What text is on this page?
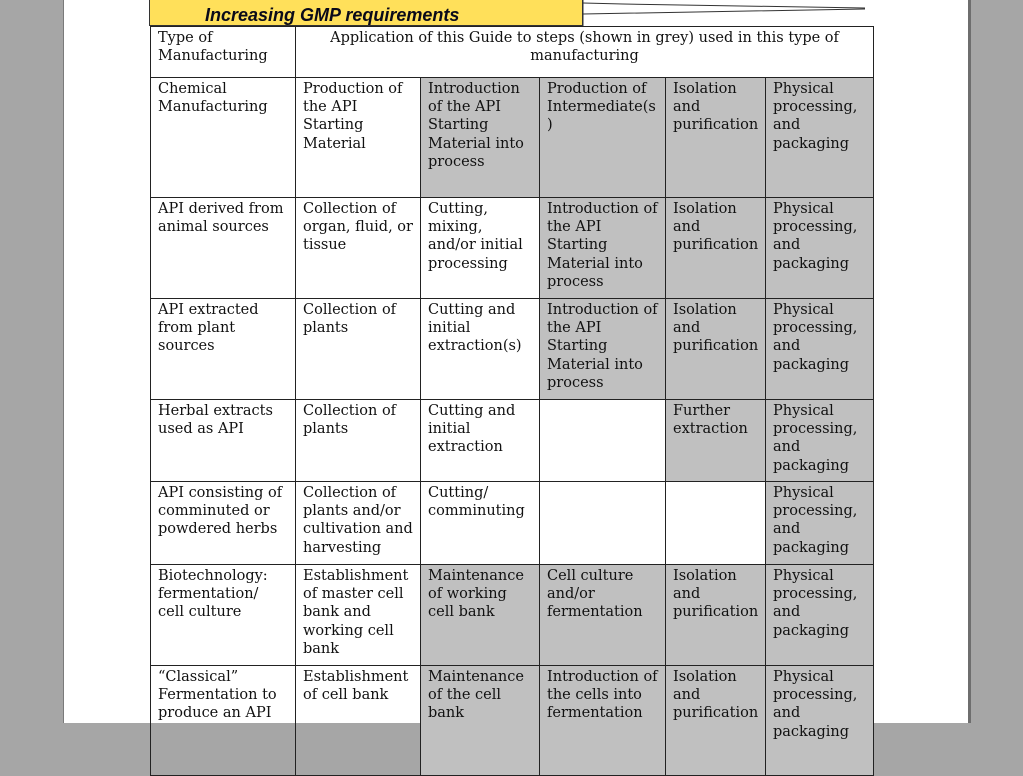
Increasing GMP requirements
Type of Manufacturing	Application of this Guide to steps (shown in grey) used in this type of manufacturing				
Chemical Manufacturing	Production of the API Starting Material	Introduction of the API Starting Material into process	Production of Intermediate(s )	Isolation and purification	Physical processing, and packaging
API derived from animal sources	Collection of organ, fluid, or tissue	Cutting, mixing, and/or initial processing	Introduction of the API Starting Material into process	Isolation and purification	Physical processing, and packaging
API extracted from plant sources	Collection of plants	Cutting and initial extraction(s)	Introduction of the API Starting Material into process	Isolation and purification	Physical processing, and packaging
Herbal extracts used as API	Collection of plants	Cutting and initial extraction		Further extraction	Physical processing, and packaging
API consisting of comminuted or powdered herbs	Collection of plants and/or cultivation and harvesting	Cutting/ comminuting			Physical processing, and packaging
Biotechnology: fermentation/ cell culture	Establishment of master cell bank and working cell bank	Maintenance of working cell bank	Cell culture and/or fermentation	Isolation and purification	Physical processing, and packaging
“Classical” Fermentation to produce an API	Establishment of cell bank	Maintenance of the cell bank	Introduction of the cells into fermentation	Isolation and purification	Physical processing, and packaging
